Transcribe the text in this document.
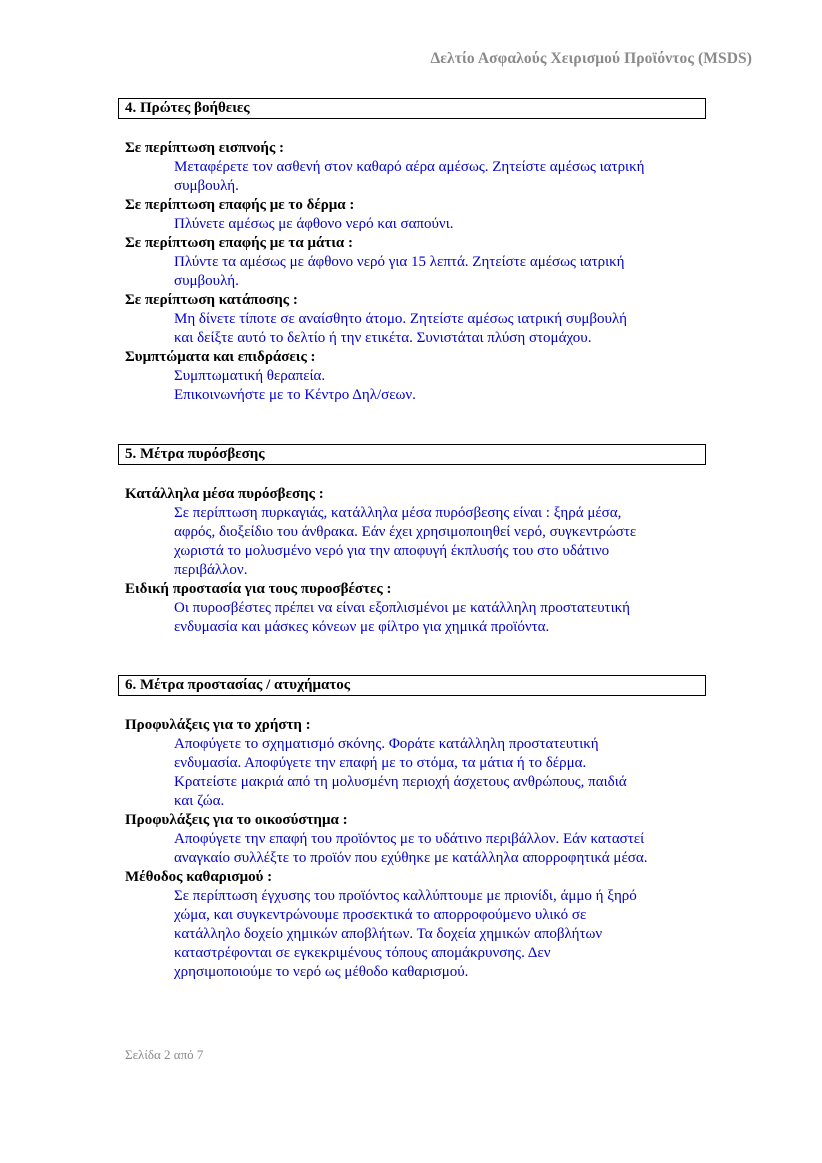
Δελτίο Ασφαλούς Χειρισμού Προϊόντος (MSDS)
4. Πρώτες βοήθειες
Σε περίπτωση εισπνοής :
Μεταφέρετε τον ασθενή στον καθαρό αέρα αμέσως. Ζητείστε αμέσως ιατρική
συμβουλή.
Σε περίπτωση επαφής με το δέρμα :
Πλύνετε αμέσως με άφθονο νερό και σαπούνι.
Σε περίπτωση επαφής με τα μάτια :
Πλύντε τα αμέσως με άφθονο νερό για 15 λεπτά. Ζητείστε αμέσως ιατρική
συμβουλή.
Σε περίπτωση κατάποσης :
Μη δίνετε τίποτε σε αναίσθητο άτομο. Ζητείστε αμέσως ιατρική συμβουλή
και δείξτε αυτό το δελτίο ή την ετικέτα. Συνιστάται πλύση στομάχου.
Συμπτώματα και επιδράσεις :
Συμπτωματική θεραπεία.
Επικοινωνήστε με το Κέντρο Δηλ/σεων.
5. Μέτρα πυρόσβεσης
Κατάλληλα μέσα πυρόσβεσης :
Σε περίπτωση πυρκαγιάς, κατάλληλα μέσα πυρόσβεσης είναι : ξηρά μέσα,
αφρός, διοξείδιο του άνθρακα. Εάν έχει χρησιμοποιηθεί νερό, συγκεντρώστε
χωριστά το μολυσμένο νερό για την αποφυγή έκπλυσής του στο υδάτινο
περιβάλλον.
Ειδική προστασία για τους πυροσβέστες :
Οι πυροσβέστες πρέπει να είναι εξοπλισμένοι με κατάλληλη προστατευτική
ενδυμασία και μάσκες κόνεων με φίλτρο για χημικά προϊόντα.
6. Μέτρα προστασίας / ατυχήματος
Προφυλάξεις για το χρήστη :
Αποφύγετε το σχηματισμό σκόνης. Φοράτε κατάλληλη προστατευτική
ενδυμασία. Αποφύγετε την επαφή με το στόμα, τα μάτια ή το δέρμα.
Κρατείστε μακριά από τη μολυσμένη περιοχή άσχετους ανθρώπους, παιδιά
και ζώα.
Προφυλάξεις για το οικοσύστημα :
Αποφύγετε την επαφή του προϊόντος με το υδάτινο περιβάλλον. Εάν καταστεί
αναγκαίο συλλέξτε το προϊόν που εχύθηκε με κατάλληλα απορροφητικά μέσα.
Μέθοδος καθαρισμού :
Σε περίπτωση έγχυσης του προϊόντος καλλύπτουμε με πριονίδι, άμμο ή ξηρό
χώμα, και συγκεντρώνουμε προσεκτικά το απορροφούμενο υλικό σε
κατάλληλο δοχείο χημικών αποβλήτων. Τα δοχεία χημικών αποβλήτων
καταστρέφονται σε εγκεκριμένους τόπους απομάκρυνσης. Δεν
χρησιμοποιούμε το νερό ως μέθοδο καθαρισμού.
Σελίδα 2 από 7
